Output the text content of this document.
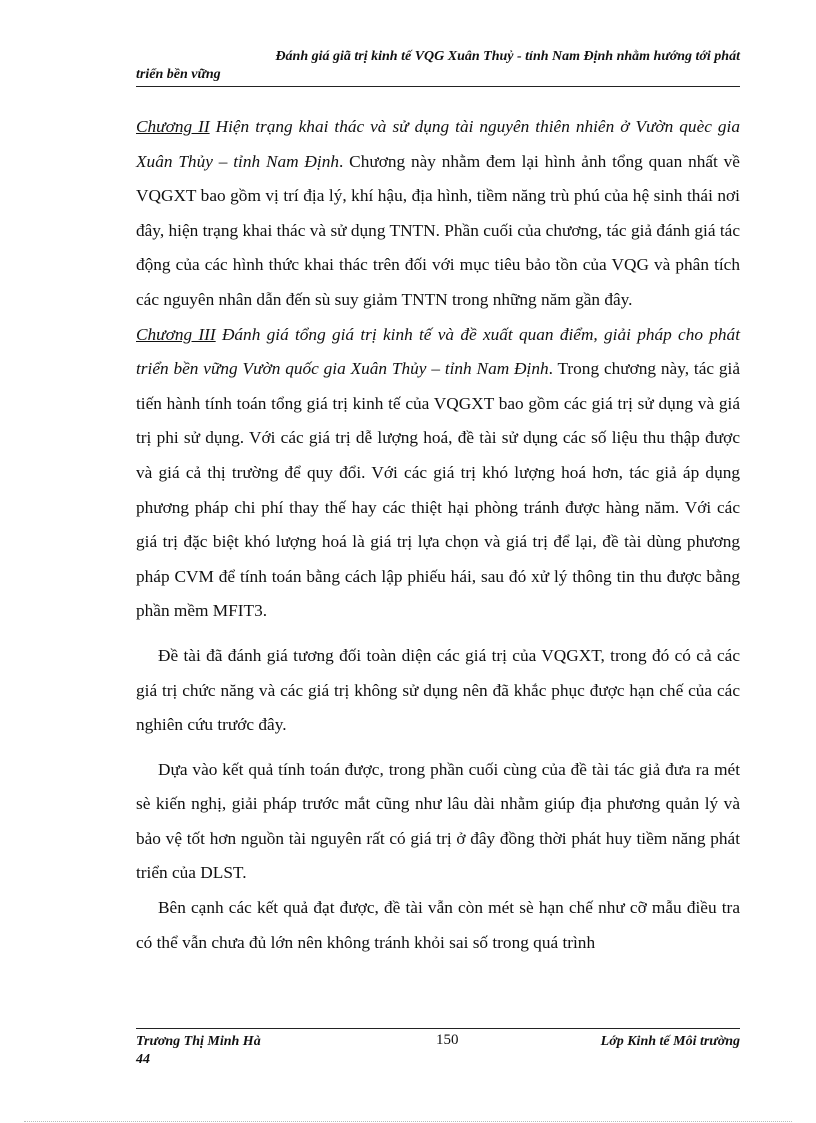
Đánh giá giã trị kinh tế VQG Xuân Thuỷ - tỉnh Nam Định nhằm hướng tới phát
triển bền vững

Chương II Hiện trạng khai thác và sử dụng tài nguyên thiên nhiên ở Vườn quèc gia Xuân Thủy – tỉnh Nam Định. Chương này nhằm đem lại hình ảnh tổng quan nhất về VQGXT bao gồm vị trí địa lý, khí hậu, địa hình, tiềm năng trù phú của hệ sinh thái nơi đây, hiện trạng khai thác và sử dụng TNTN. Phần cuối của chương, tác giả đánh giá tác động của các hình thức khai thác trên đối với mục tiêu bảo tồn của VQG và phân tích các nguyên nhân dẫn đến sù suy giảm TNTN trong những năm gần đây.

Chương III Đánh giá tổng giá trị kinh tế và đề xuất quan điểm, giải pháp cho phát triển bền vững Vườn quốc gia Xuân Thủy – tỉnh Nam Định. Trong chương này, tác giả tiến hành tính toán tổng giá trị kinh tế của VQGXT bao gồm các giá trị sử dụng và giá trị phi sử dụng. Với các giá trị dễ lượng hoá, đề tài sử dụng các số liệu thu thập được và giá cả thị trường để quy đổi. Với các giá trị khó lượng hoá hơn, tác giả áp dụng phương pháp chi phí thay thế hay các thiệt hại phòng tránh được hàng năm. Với các giá trị đặc biệt khó lượng hoá là giá trị lựa chọn và giá trị để lại, đề tài dùng phương pháp CVM để tính toán bằng cách lập phiếu hái, sau đó xử lý thông tin thu được bằng phần mềm MFIT3.

Đề tài đã đánh giá tương đối toàn diện các giá trị của VQGXT, trong đó có cả các giá trị chức năng và các giá trị không sử dụng nên đã khắc phục được hạn chế của các nghiên cứu trước đây.

Dựa vào kết quả tính toán được, trong phần cuối cùng của đề tài tác giả đưa ra mét sè kiến nghị, giải pháp trước mắt cũng như lâu dài nhằm giúp địa phương quản lý và bảo vệ tốt hơn nguồn tài nguyên rất có giá trị ở đây đồng thời phát huy tiềm năng phát triển của DLST.

Bên cạnh các kết quả đạt được, đề tài vẫn còn mét sè hạn chế như cỡ mẫu điều tra có thể vẫn chưa đủ lớn nên không tránh khỏi sai số trong quá trình

Trương Thị Minh Hà	150	Lớp Kinh tế Môi trường
44
